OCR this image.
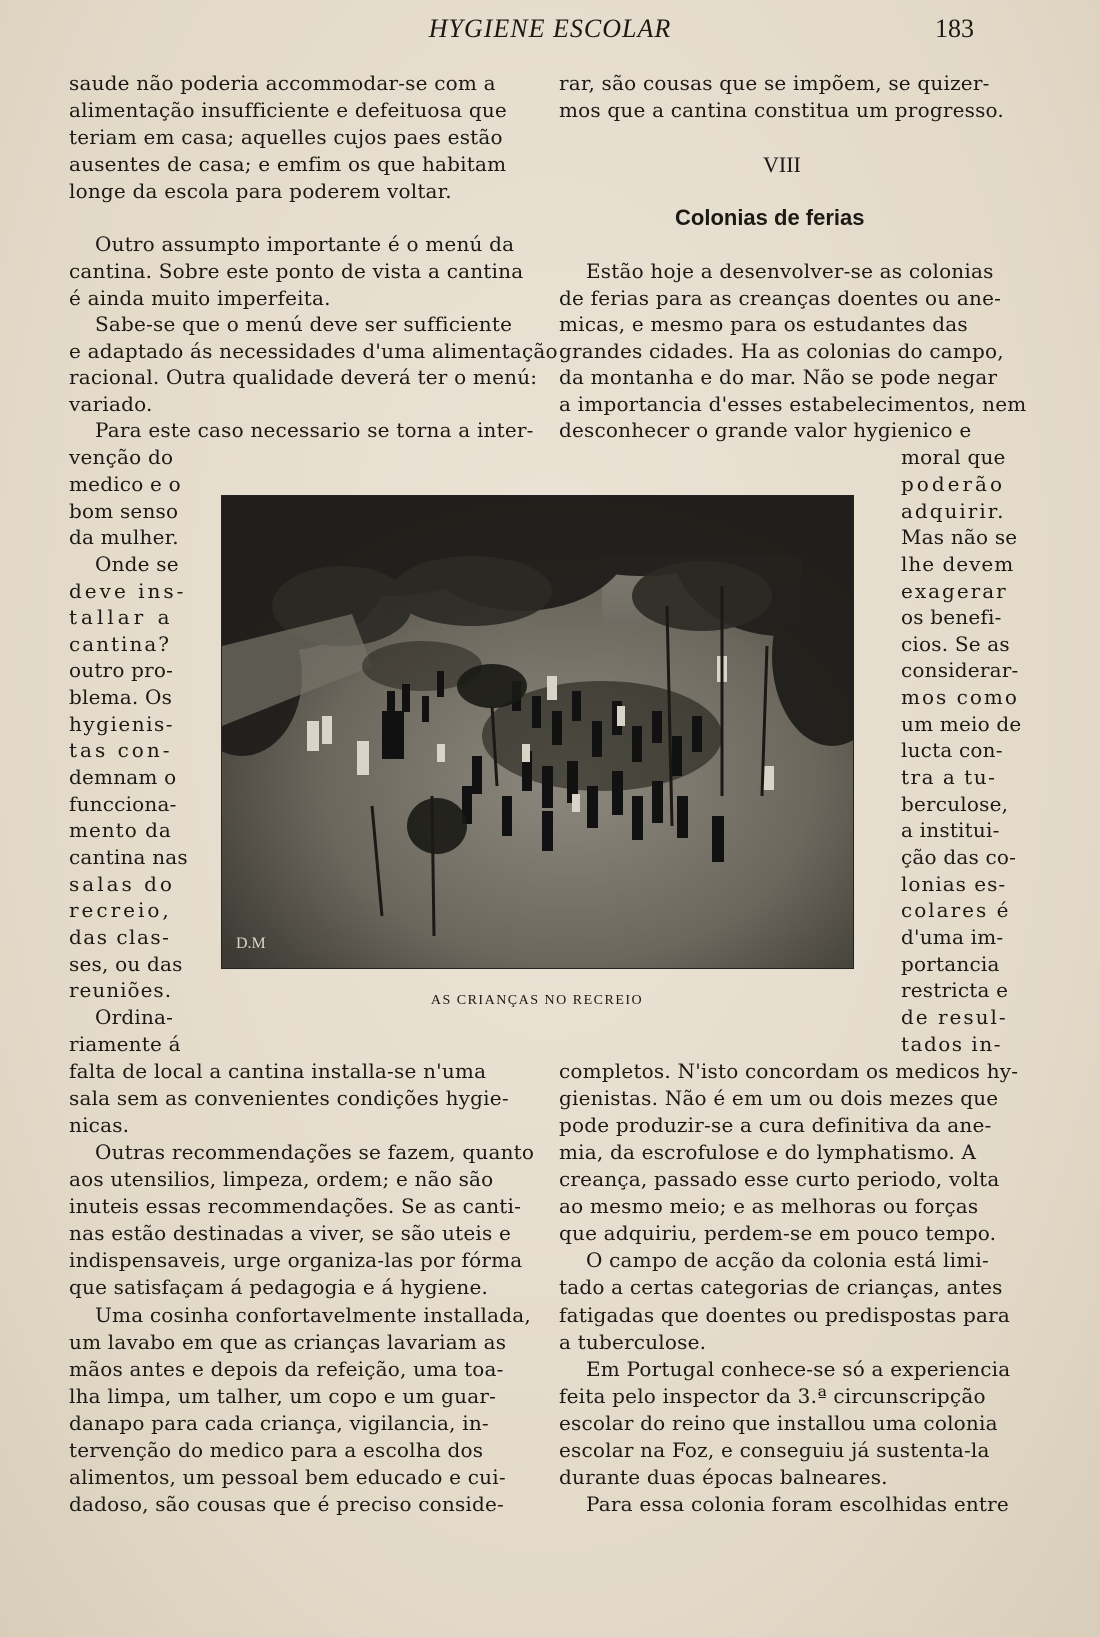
HYGIENE ESCOLAR	183
saude não poderia accommodar-se com a
alimentação insufficiente e defeituosa que
teriam em casa; aquelles cujos paes estão
ausentes de casa; e emfim os que habitam
longe da escola para poderem voltar.
Outro assumpto importante é o menú da
cantina. Sobre este ponto de vista a cantina
é ainda muito imperfeita.
Sabe-se que o menú deve ser sufficiente
e adaptado ás necessidades d'uma alimentação
racional. Outra qualidade deverá ter o menú:
variado.
Para este caso necessario se torna a inter-
venção do
medico e o
bom senso
da mulher.
Onde se
deve ins-
tallar a
cantina?
outro pro-
blema. Os
hygienis-
tas con-
demnam o
funcciona-
mento da
cantina nas
salas do
recreio,
das clas-
ses, ou das
reuniões.
Ordina-
riamente á
falta de local a cantina installa-se n'uma
sala sem as convenientes condições hygie-
nicas.
Outras recommendações se fazem, quanto
aos utensilios, limpeza, ordem; e não são
inuteis essas recommendações. Se as canti-
nas estão destinadas a viver, se são uteis e
indispensaveis, urge organiza-las por fórma
que satisfaçam á pedagogia e á hygiene.
Uma cosinha confortavelmente installada,
um lavabo em que as crianças lavariam as
mãos antes e depois da refeição, uma toa-
lha limpa, um talher, um copo e um guar-
danapo para cada criança, vigilancia, in-
tervenção do medico para a escolha dos
alimentos, um pessoal bem educado e cui-
dadoso, são cousas que é preciso conside-
rar, são cousas que se impõem, se quizer-
mos que a cantina constitua um progresso.
VIII
Colonias de ferias
Estão hoje a desenvolver-se as colonias
de ferias para as creanças doentes ou ane-
micas, e mesmo para os estudantes das
grandes cidades. Ha as colonias do campo,
da montanha e do mar. Não se pode negar
a importancia d'esses estabelecimentos, nem
desconhecer o grande valor hygienico e
moral que
poderão
adquirir.
Mas não se
lhe devem
exagerar
os benefi-
cios. Se as
considerar-
mos como
um meio de
lucta con-
tra a tu-
berculose,
a institui-
ção das co-
lonias es-
colares é
d'uma im-
portancia
restricta e
de resul-
tados in-
completos. N'isto concordam os medicos hy-
gienistas. Não é em um ou dois mezes que
pode produzir-se a cura definitiva da ane-
mia, da escrofulose e do lymphatismo. A
creança, passado esse curto periodo, volta
ao mesmo meio; e as melhoras ou forças
que adquiriu, perdem-se em pouco tempo.
O campo de acção da colonia está limi-
tado a certas categorias de crianças, antes
fatigadas que doentes ou predispostas para
a tuberculose.
Em Portugal conhece-se só a experiencia
feita pelo inspector da 3.ª circunscripção
escolar do reino que installou uma colonia
escolar na Foz, e conseguiu já sustenta-la
durante duas épocas balneares.
Para essa colonia foram escolhidas entre
D.M
AS CRIANÇAS NO RECREIO
